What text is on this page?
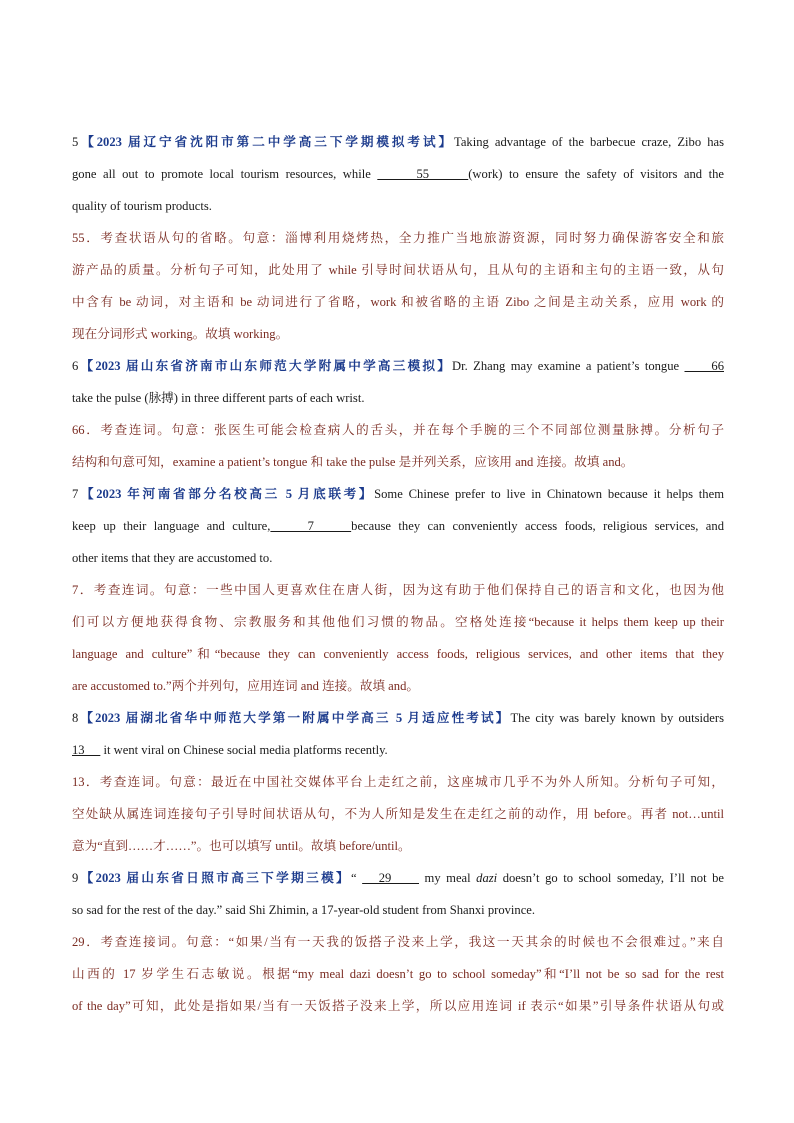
5【2023 届辽宁省沈阳市第二中学高三下学期模拟考试】Taking advantage of the barbecue craze, Zibo has
gone all out to promote local tourism resources, while       55      (work) to ensure the safety of visitors and the
quality of tourism products.
55．考查状语从句的省略。句意：淄博利用烧烤热，全力推广当地旅游资源，同时努力确保游客安全和旅
游产品的质量。分析句子可知，此处用了 while 引导时间状语从句，且从句的主语和主句的主语一致，从句
中含有 be 动词，对主语和 be 动词进行了省略，work 和被省略的主语 Zibo 之间是主动关系，应用 work 的
现在分词形式 working。故填 working。
6【2023 届山东省济南市山东师范大学附属中学高三模拟】Dr. Zhang may examine a patient’s tongue      66
take the pulse (脉搏) in three different parts of each wrist.
66．考查连词。句意：张医生可能会检查病人的舌头，并在每个手腕的三个不同部位测量脉搏。分析句子
结构和句意可知，examine a patient’s tongue 和 take the pulse 是并列关系，应该用 and 连接。故填 and。
7【2023 年河南省部分名校高三 5 月底联考】Some Chinese prefer to live in Chinatown because it helps them
keep up their language and culture,     7     because they can conveniently access foods, religious services, and
other items that they are accustomed to.
7．考查连词。句意：一些中国人更喜欢住在唐人街，因为这有助于他们保持自己的语言和文化，也因为他
们可以方便地获得食物、宗教服务和其他他们习惯的物品。空格处连接“because it helps them keep up their
language and culture”和“because they can conveniently access foods, religious services, and other items that they
are accustomed to.”两个并列句，应用连词 and 连接。故填 and。
8【2023 届湖北省华中师范大学第一附属中学高三 5 月适应性考试】The city was barely known by outsiders
13      it went viral on Chinese social media platforms recently.
13．考查连词。句意：最近在中国社交媒体平台上走红之前，这座城市几乎不为外人所知。分析句子可知，
空处缺从属连词连接句子引导时间状语从句，不为人所知是发生在走红之前的动作，用 before。再者 not…until
意为“直到……才……”。也可以填写 until。故填 before/until。
9【2023 届山东省日照市高三下学期三模】“    29      my meal dazi doesn’t go to school someday, I’ll not be
so sad for the rest of the day.” said Shi Zhimin, a 17-year-old student from Shanxi province.
29．考查连接词。句意：“如果/当有一天我的饭搭子没来上学，我这一天其余的时候也不会很难过。”来自
山西的 17 岁学生石志敏说。根据“my meal dazi doesn’t go to school someday”和“I’ll not be so sad for the rest
of the day”可知，此处是指如果/当有一天饭搭子没来上学，所以应用连词 if 表示“如果”引导条件状语从句或
